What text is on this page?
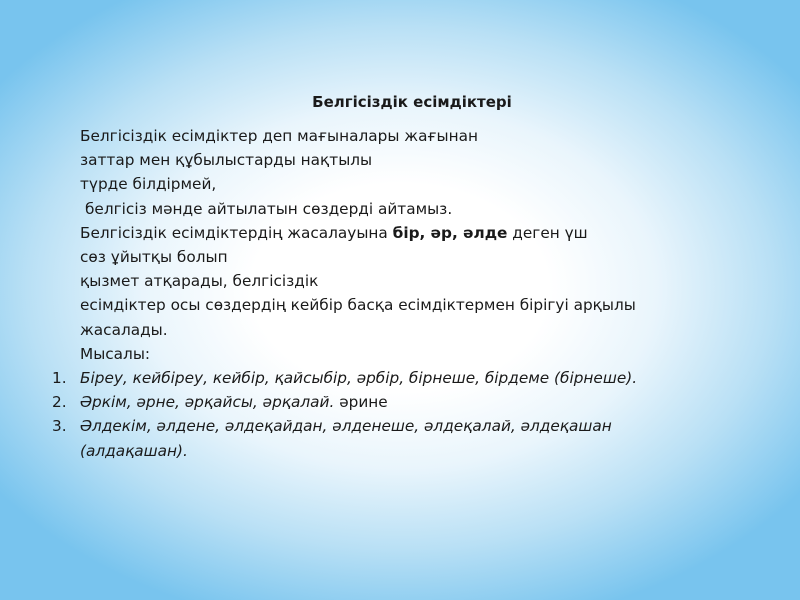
Белгісіздік есімдіктері
Белгісіздік есімдіктер деп мағыналары жағынан
заттар мен құбылыстарды нақтылы
түрде білдірмей,
белгісіз мәнде айтылатын сөздерді айтамыз.
Белгісіздік есімдіктердің жасалауына бір, әр, әлде деген үш
сөз ұйытқы болып
қызмет атқарады, белгісіздік
есімдіктер осы сөздердің кейбір басқа есімдіктермен бірігуі арқылы
жасалады.
Мысалы:
1. Біреу, кейбіреу, кейбір, қайсыбір, әрбір, бірнеше, бірдеме (бірнеше).
2. Әркім, әрне, әрқайсы, әрқалай. әрине
3. Әлдекім, әлдене, әлдеқайдан, әлденеше, әлдеқалай, әлдеқашан
(алдақашан).
